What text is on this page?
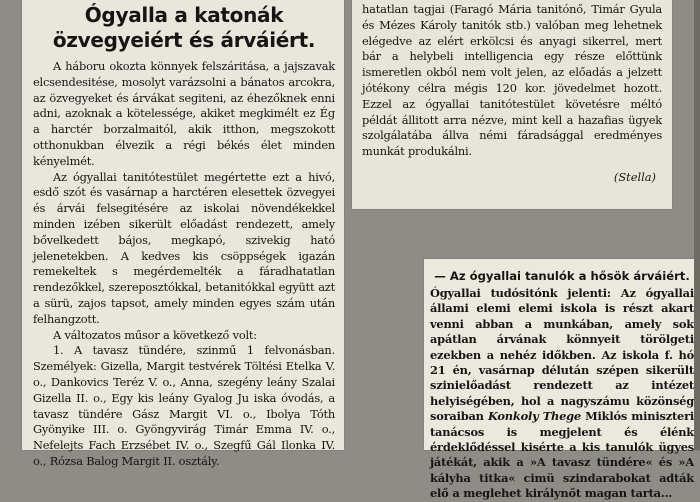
Ógyalla a katonák özvegyeiért és árváiért.

A háboru okozta könnyek felszáritása, a jajszavak elcsendesitése, mosolyt varázsolni a bánatos arcokra, az özvegyeket és árvákat segiteni, az éhezőknek enni adni, azoknak a kötelessége, akiket megkimélt ez Ég a harctér borzalmaitól, akik itthon, megszokott otthonukban élvezik a régi békés élet minden kényelmét.

Az ógyallai tanitótestület megértette ezt a hivó, esdő szót és vasárnap a harctéren elesettek özvegyei és árvái felsegitésére az iskolai növendékekkel minden izében sikerült előadást rendezett, amely bővelkedett bájos, megkapó, szivekig ható jelenetekben. A kedves kis csöppségek igazán remekeltek s megérdemelték a fáradhatatlan rendezőkkel, szereposztókkal, betanitókkal együtt azt a sürü, zajos tapsot, amely minden egyes szám után felhangzott.

A változatos műsor a következő volt:

1. A tavasz tündére, szinmű 1 felvonásban. Személyek: Gizella, Margit testvérek Töltési Etelka V. o., Dankovics Teréz V. o., Anna, szegény leány Szalai Gizella II. o., Egy kis leány Gyalog Ju iska óvodás, a tavasz tündére Gász Margit VI. o., Ibolya Tóth Gyönyike III. o. Gyöngyvirág Timár Emma IV. o., Nefelejts Fach Erzsébet IV. o., Szegfű Gál Ilonka IV. o., Rózsa Balog Margit II. osztály.

hatatlan tagjai (Faragó Mária tanitónő, Timár Gyula és Mézes Károly tanitók stb.) valóban meg lehetnek elégedve az elért erkölcsi és anyagi sikerrel, mert bár a helybeli intelligencia egy része előttünk ismeretlen okból nem volt jelen, az előadás a jelzett jótékony célra mégis 120 kor. jövedelmet hozott. Ezzel az ógyallai tanitótestület követésre méltó példát állitott arra nézve, mint kell a hazafias ügyek szolgálatába állva némi fáradsággal eredményes munkát produkálni.

(Stella)
— Az ógyallai tanulók a hősök árváiért.

Ógyallai tudósitónk jelenti: Az ógyallai állami elemi elemi iskola is részt akart venni abban a munkában, amely sok apátlan árvának könnyeit törölgeti ezekben a nehéz időkben. Az iskola f. hó 21 én, vasárnap délután szépen sikerült szinielőadást rendezett az intézet helyiségében, hol a nagyszámu közönség soraiban Konkoly Thege Miklós miniszteri tanácsos is megjelent és élénk érdeklődéssel kisérte a kis tanulók ügyes játékát, akik a »A tavasz tündére« és »A kályha titka« cimü szindarabokat adták elő a meglehet királynőt magan tarta...
